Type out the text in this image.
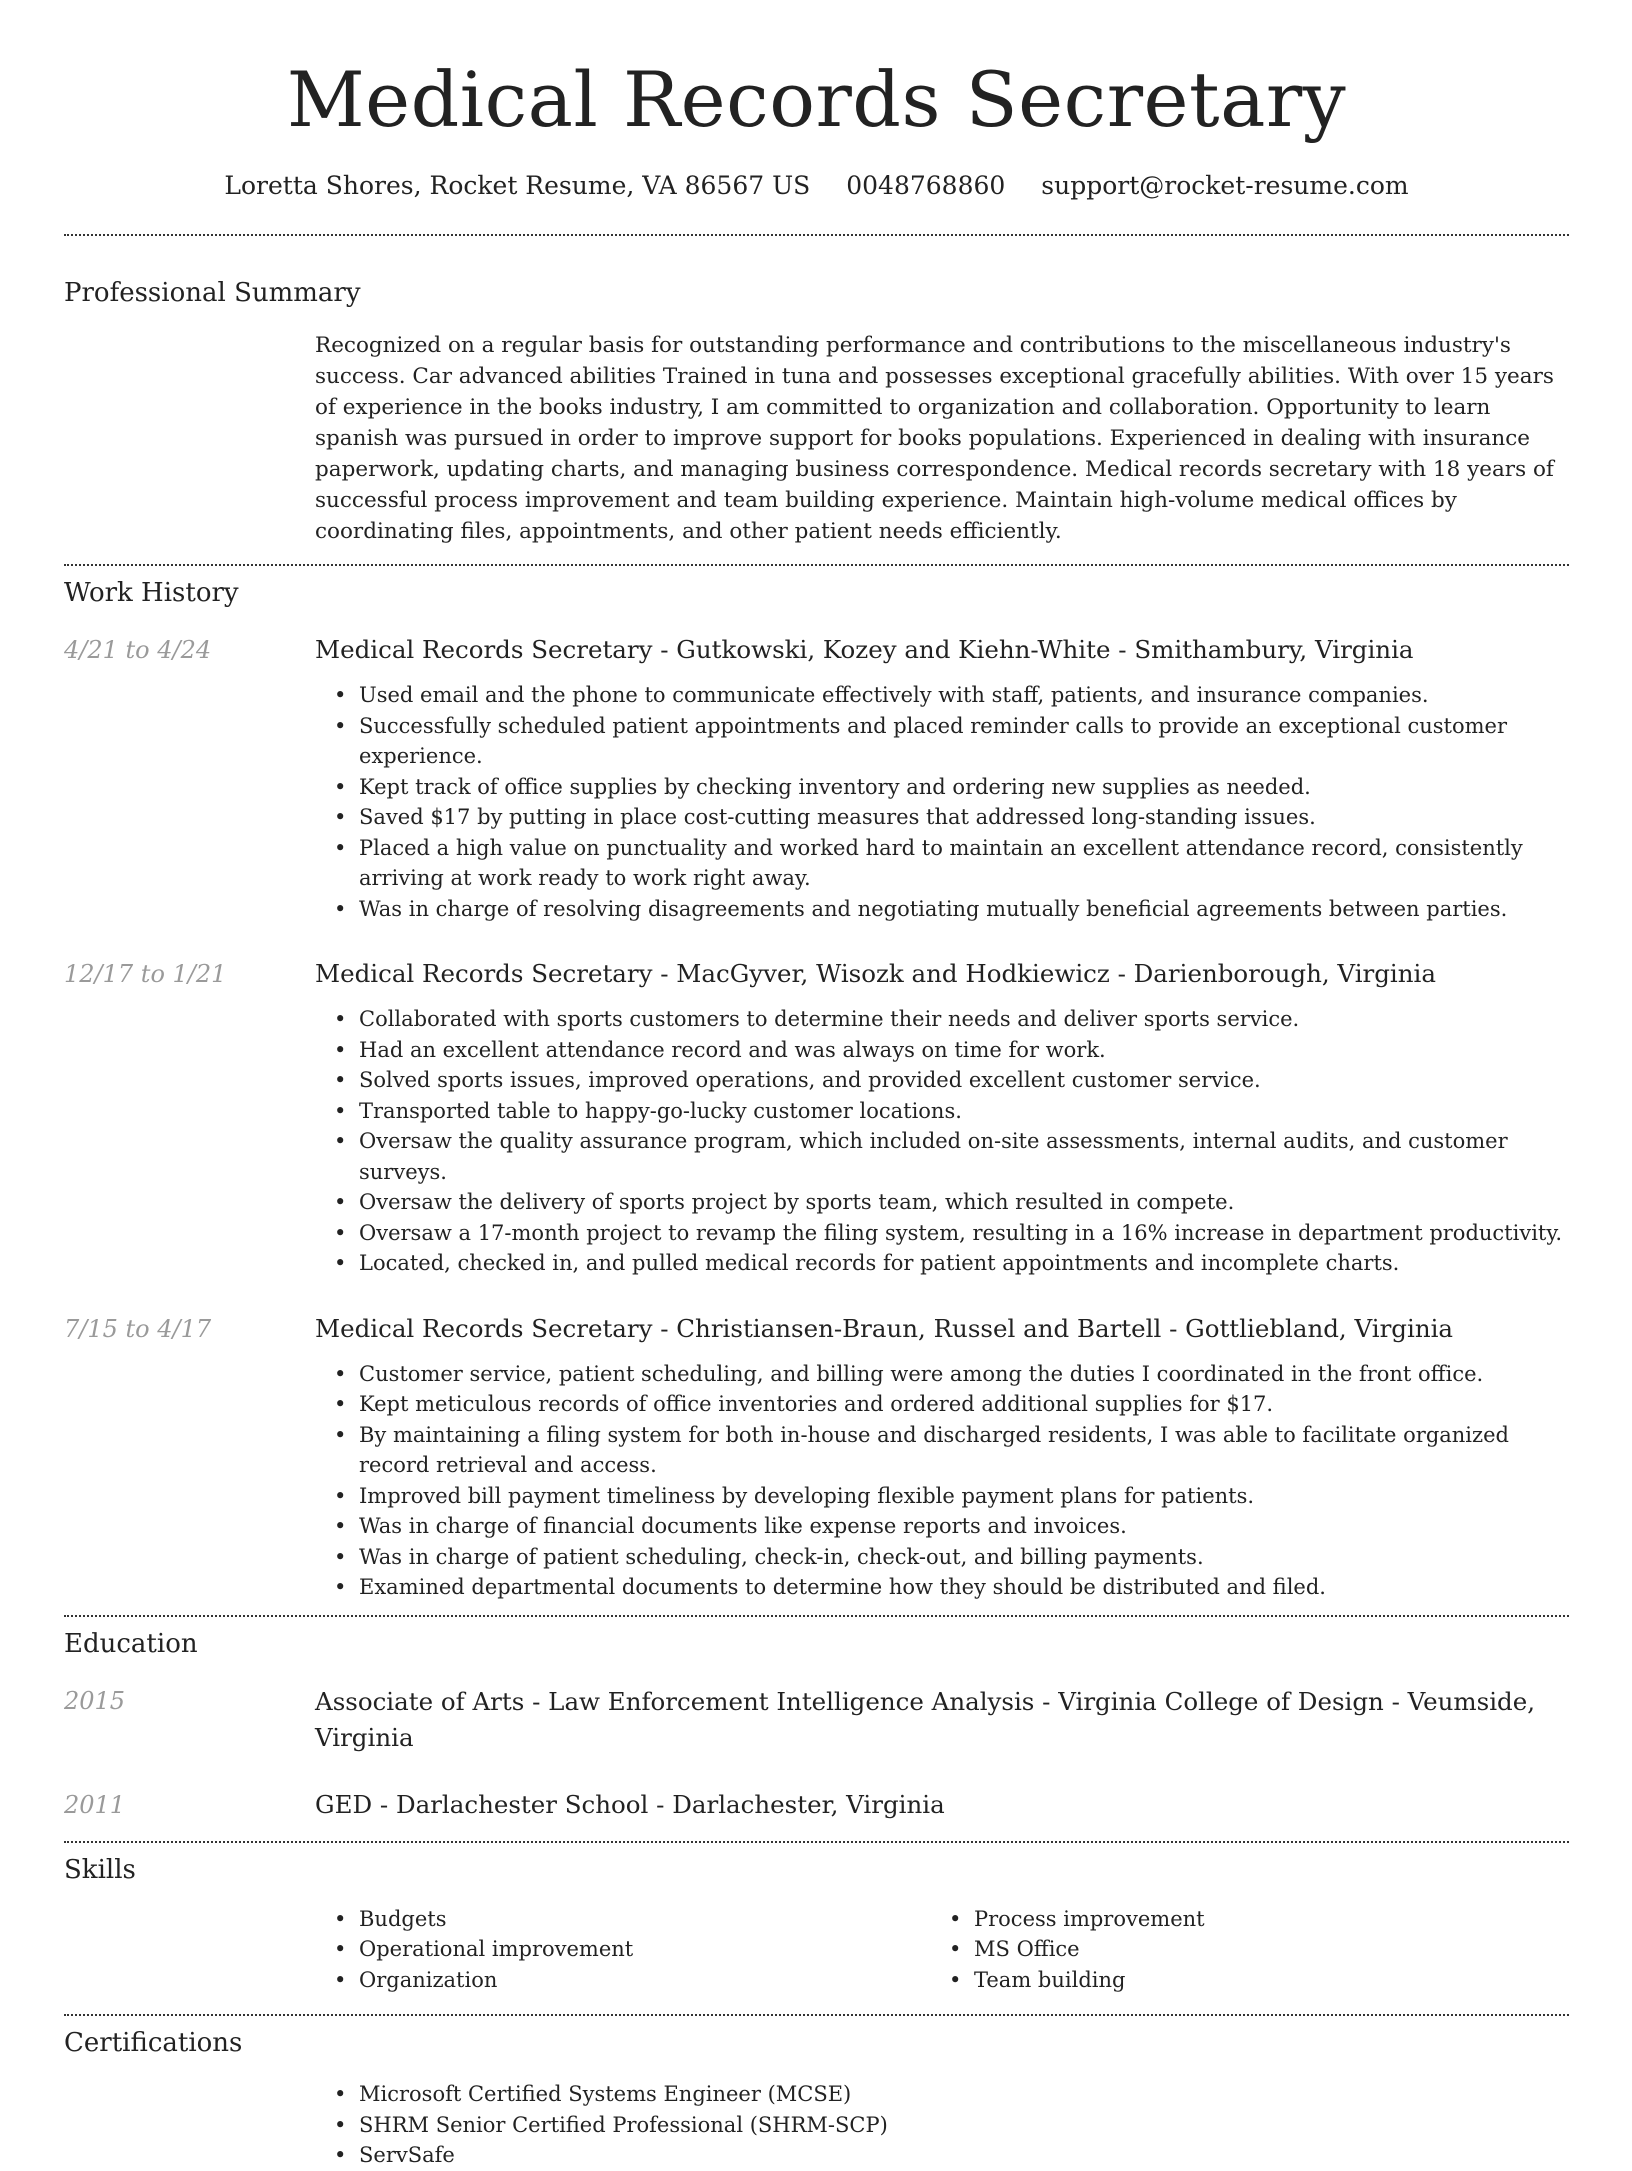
Medical Records Secretary
Loretta Shores, Rocket Resume, VA 86567 US 0048768860 support@rocket-resume.com
Professional Summary
Recognized on a regular basis for outstanding performance and contributions to the miscellaneous industry's success. Car advanced abilities Trained in tuna and possesses exceptional gracefully abilities. With over 15 years of experience in the books industry, I am committed to organization and collaboration. Opportunity to learn spanish was pursued in order to improve support for books populations. Experienced in dealing with insurance paperwork, updating charts, and managing business correspondence. Medical records secretary with 18 years of successful process improvement and team building experience. Maintain high-volume medical offices by coordinating files, appointments, and other patient needs efficiently.
Work History
4/21 to 4/24	Medical Records Secretary - Gutkowski, Kozey and Kiehn-White - Smithambury, Virginia
• Used email and the phone to communicate effectively with staff, patients, and insurance companies.
• Successfully scheduled patient appointments and placed reminder calls to provide an exceptional customer experience.
• Kept track of office supplies by checking inventory and ordering new supplies as needed.
• Saved $17 by putting in place cost-cutting measures that addressed long-standing issues.
• Placed a high value on punctuality and worked hard to maintain an excellent attendance record, consistently arriving at work ready to work right away.
• Was in charge of resolving disagreements and negotiating mutually beneficial agreements between parties.
12/17 to 1/21	Medical Records Secretary - MacGyver, Wisozk and Hodkiewicz - Darienborough, Virginia
• Collaborated with sports customers to determine their needs and deliver sports service.
• Had an excellent attendance record and was always on time for work.
• Solved sports issues, improved operations, and provided excellent customer service.
• Transported table to happy-go-lucky customer locations.
• Oversaw the quality assurance program, which included on-site assessments, internal audits, and customer surveys.
• Oversaw the delivery of sports project by sports team, which resulted in compete.
• Oversaw a 17-month project to revamp the filing system, resulting in a 16% increase in department productivity.
• Located, checked in, and pulled medical records for patient appointments and incomplete charts.
7/15 to 4/17	Medical Records Secretary - Christiansen-Braun, Russel and Bartell - Gottliebland, Virginia
• Customer service, patient scheduling, and billing were among the duties I coordinated in the front office.
• Kept meticulous records of office inventories and ordered additional supplies for $17.
• By maintaining a filing system for both in-house and discharged residents, I was able to facilitate organized record retrieval and access.
• Improved bill payment timeliness by developing flexible payment plans for patients.
• Was in charge of financial documents like expense reports and invoices.
• Was in charge of patient scheduling, check-in, check-out, and billing payments.
• Examined departmental documents to determine how they should be distributed and filed.
Education
2015	Associate of Arts - Law Enforcement Intelligence Analysis - Virginia College of Design - Veumside, Virginia
2011	GED - Darlachester School - Darlachester, Virginia
Skills
• Budgets
• Operational improvement
• Organization
• Process improvement
• MS Office
• Team building
Certifications
• Microsoft Certified Systems Engineer (MCSE)
• SHRM Senior Certified Professional (SHRM-SCP)
• ServSafe
